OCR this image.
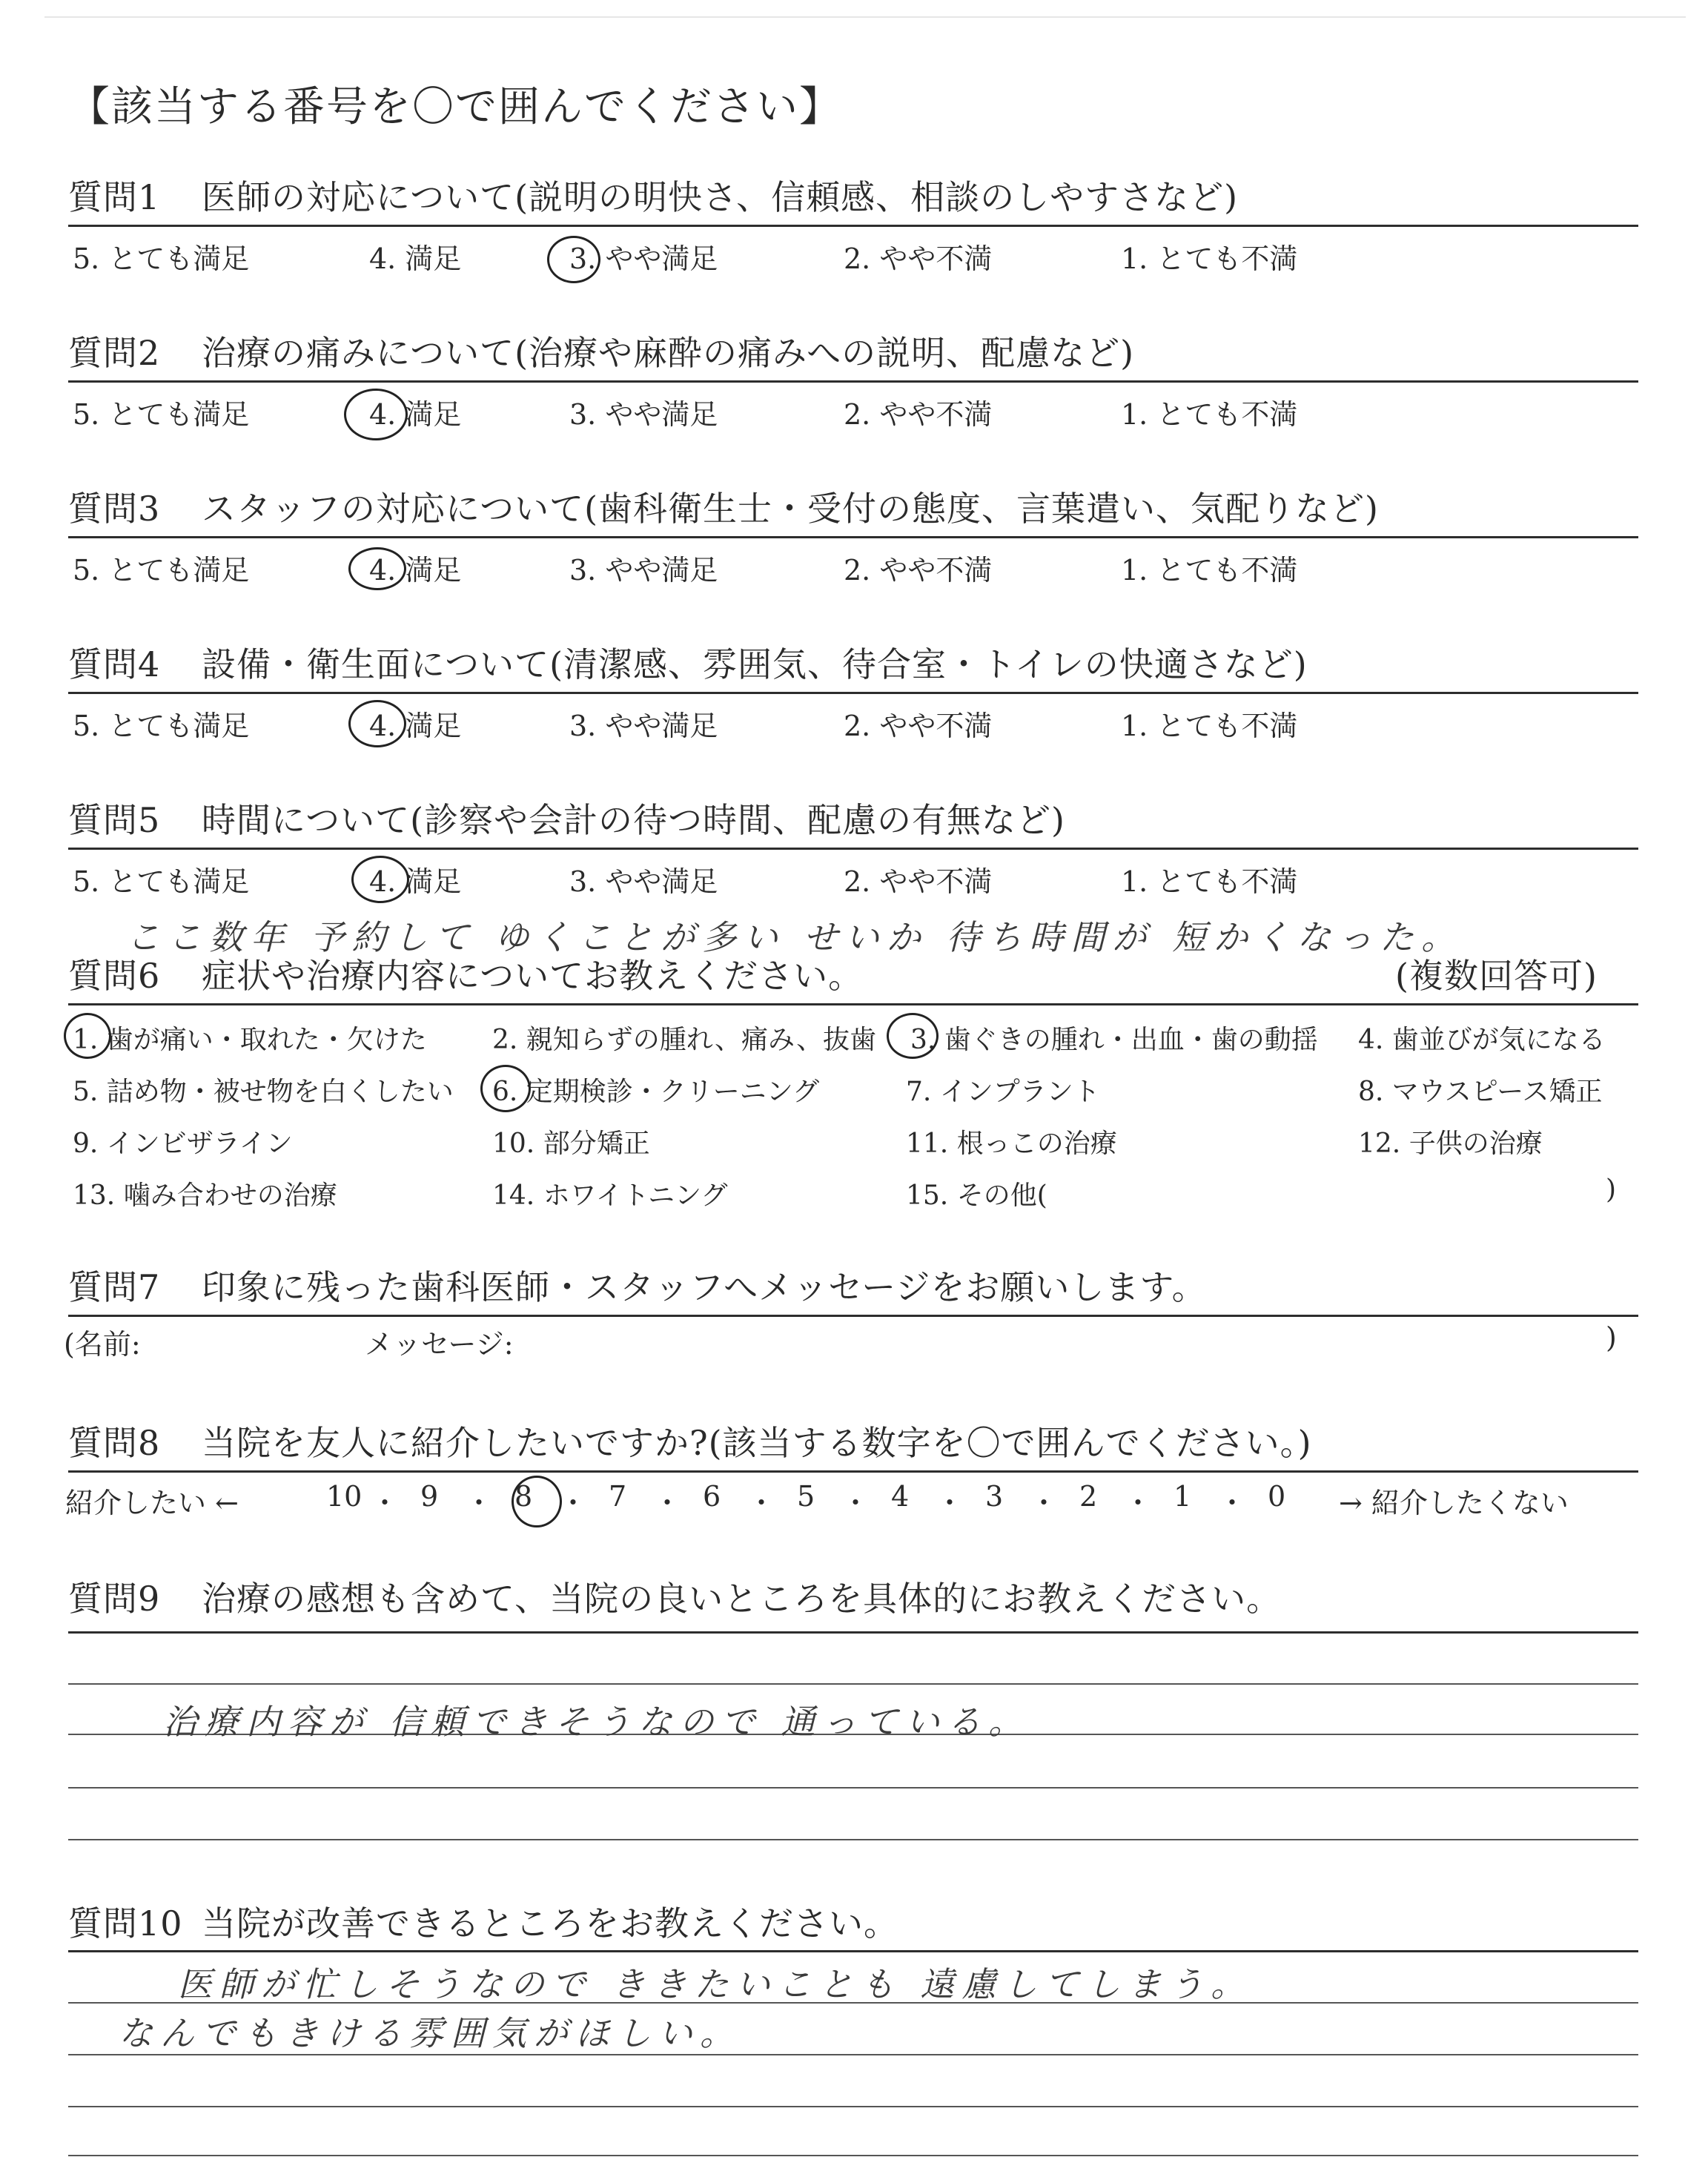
【該当する番号を〇で囲んでください】
質問1 医師の対応について(説明の明快さ、信頼感、相談のしやすさなど)
5. とても満足	4. 満足	3. やや満足	2. やや不満	1. とても不満
質問2 治療の痛みについて(治療や麻酔の痛みへの説明、配慮など)
5. とても満足	4. 満足	3. やや満足	2. やや不満	1. とても不満
質問3 スタッフの対応について(歯科衛生士・受付の態度、言葉遣い、気配りなど)
5. とても満足	4. 満足	3. やや満足	2. やや不満	1. とても不満
質問4 設備・衛生面について(清潔感、雰囲気、待合室・トイレの快適さなど)
5. とても満足	4. 満足	3. やや満足	2. やや不満	1. とても不満
質問5 時間について(診察や会計の待つ時間、配慮の有無など)
5. とても満足	4. 満足	3. やや満足	2. やや不満	1. とても不満
ここ数年 予約して ゆくことが多い せいか 待ち時間が 短かくなった。
質問6 症状や治療内容についてお教えください。	(複数回答可)
1. 歯が痛い・取れた・欠けた 2. 親知らずの腫れ、痛み、抜歯 3. 歯ぐきの腫れ・出血・歯の動揺 4. 歯並びが気になる
5. 詰め物・被せ物を白くしたい 6. 定期検診・クリーニング	7. インプラント	8. マウスピース矯正
9. インビザライン	10. 部分矯正	11. 根っこの治療	12. 子供の治療
13. 噛み合わせの治療	14. ホワイトニング	15. その他(	)
質問7 印象に残った歯科医師・スタッフへメッセージをお願いします。
(名前:	メッセージ:	)
質問8 当院を友人に紹介したいですか?(該当する数字を〇で囲んでください。)
紹介したい ←	→ 紹介したくない
10 ・ 9 ・ 8 ・ 7 ・ 6 ・ 5 ・ 4 ・ 3 ・ 2 ・ 1 ・ 0
質問9 治療の感想も含めて、当院の良いところを具体的にお教えください。
治療内容が 信頼できそうなので 通っている。
質問10 当院が改善できるところをお教えください。
医師が忙しそうなので ききたいことも 遠慮してしまう。
なんでもきける雰囲気がほしい。
